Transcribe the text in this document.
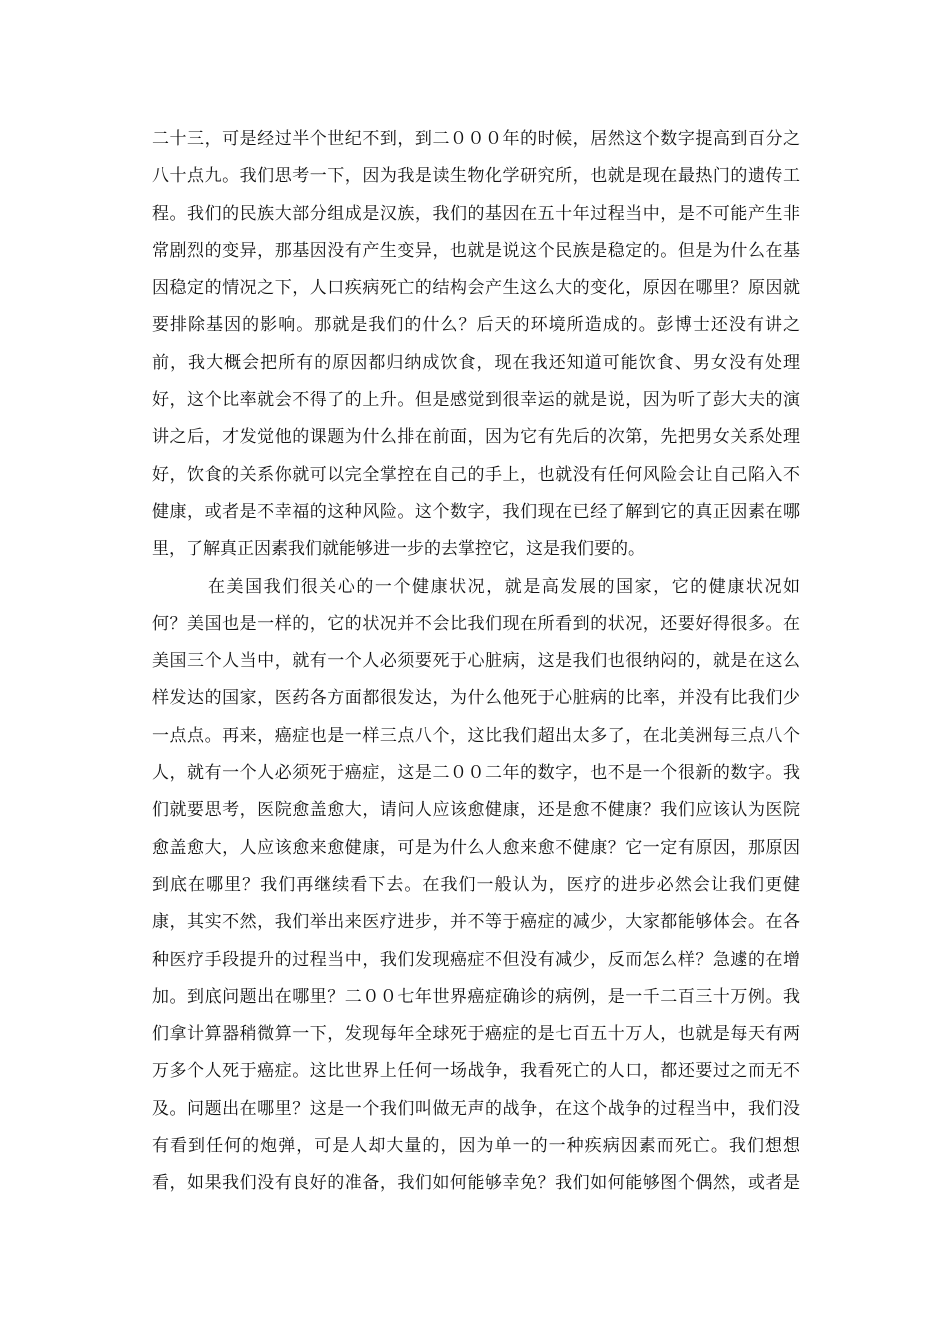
二十三，可是经过半个世纪不到，到二０００年的时候，居然这个数字提高到百分之
八十点九。我们思考一下，因为我是读生物化学研究所，也就是现在最热门的遗传工
程。我们的民族大部分组成是汉族，我们的基因在五十年过程当中，是不可能产生非
常剧烈的变异，那基因没有产生变异，也就是说这个民族是稳定的。但是为什么在基
因稳定的情况之下，人口疾病死亡的结构会产生这么大的变化，原因在哪里？原因就
要排除基因的影响。那就是我们的什么？后天的环境所造成的。彭博士还没有讲之
前，我大概会把所有的原因都归纳成饮食，现在我还知道可能饮食、男女没有处理
好，这个比率就会不得了的上升。但是感觉到很幸运的就是说，因为听了彭大夫的演
讲之后，才发觉他的课题为什么排在前面，因为它有先后的次第，先把男女关系处理
好，饮食的关系你就可以完全掌控在自己的手上，也就没有任何风险会让自己陷入不
健康，或者是不幸福的这种风险。这个数字，我们现在已经了解到它的真正因素在哪
里，了解真正因素我们就能够进一步的去掌控它，这是我们要的。
在美国我们很关心的一个健康状况，就是高发展的国家，它的健康状况如
何？美国也是一样的，它的状况并不会比我们现在所看到的状况，还要好得很多。在
美国三个人当中，就有一个人必须要死于心脏病，这是我们也很纳闷的，就是在这么
样发达的国家，医药各方面都很发达，为什么他死于心脏病的比率，并没有比我们少
一点点。再来，癌症也是一样三点八个，这比我们超出太多了，在北美洲每三点八个
人，就有一个人必须死于癌症，这是二００二年的数字，也不是一个很新的数字。我
们就要思考，医院愈盖愈大，请问人应该愈健康，还是愈不健康？我们应该认为医院
愈盖愈大，人应该愈来愈健康，可是为什么人愈来愈不健康？它一定有原因，那原因
到底在哪里？我们再继续看下去。在我们一般认为，医疗的进步必然会让我们更健
康，其实不然，我们举出来医疗进步，并不等于癌症的减少，大家都能够体会。在各
种医疗手段提升的过程当中，我们发现癌症不但没有减少，反而怎么样？急遽的在增
加。到底问题出在哪里？二００七年世界癌症确诊的病例，是一千二百三十万例。我
们拿计算器稍微算一下，发现每年全球死于癌症的是七百五十万人，也就是每天有两
万多个人死于癌症。这比世界上任何一场战争，我看死亡的人口，都还要过之而无不
及。问题出在哪里？这是一个我们叫做无声的战争，在这个战争的过程当中，我们没
有看到任何的炮弹，可是人却大量的，因为单一的一种疾病因素而死亡。我们想想
看，如果我们没有良好的准备，我们如何能够幸免？我们如何能够图个偶然，或者是
